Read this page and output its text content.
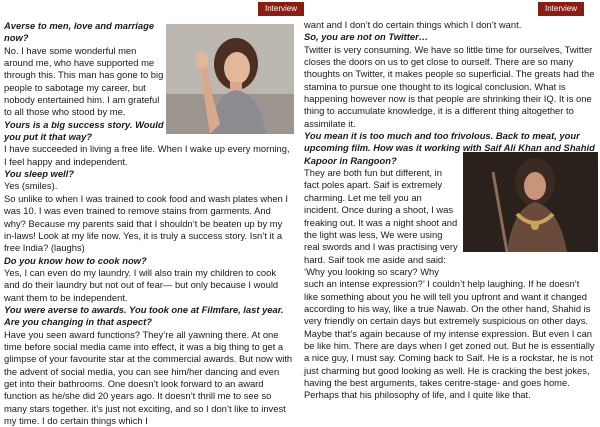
Interview	Interview

Averse to men, love and marriage now?

No. I have some wonderful men around me, who have supported me through this. This man has gone to big people to sabotage my career, but nobody entertained him. I am grateful to all those who stood by me.

Yours is a big success story. Would you put it that way?

I have succeeded in living a free life. When I wake up every morning, I feel happy and independent.

You sleep well?

Yes (smiles).

So unlike to when I was trained to cook food and wash plates when I was 10. I was even trained to remove stains from garments. And why? Because my parents said that I shouldn’t be beaten up by my in-laws! Look at my life now. Yes, it is truly a success story. Isn’t it a free India? (laughs)

Do you know how to cook now?

Yes, I can even do my laundry. I will also train my children to cook and do their laundry but not out of fear— but only because I would want them to be independent.

You were averse to awards. You took one at Filmfare, last year. Are you changing in that aspect?

Have you seen award functions? They’re all yawning there. At one time before social media came into effect, it was a big thing to get a glimpse of your favourite star at the commercial awards. But now with the advent of social media, you can see him/her dancing and even get into their bathrooms. One doesn’t look forward to an award function as he/she did 20 years ago. It doesn’t thrill me to see so many stars together. it’s just not exciting, and so I don’t like to invest my time. I do certain things which I

want and I don’t do certain things which I don’t want.

So, you are not on Twitter…

Twitter is very consuming. We have so little time for ourselves, Twitter closes the doors on us to get close to ourself. There are so many thoughts on Twitter, it makes people so superficial. The greats had the stamina to pursue one thought to its logical conclusion. What is happening however now is that people are shrinking their IQ. It is one thing to accumulate knowledge, it is a different thing altogether to assimilate it.

You mean it is too much and too frivolous. Back to meat, your upcoming film. How was it working with Saif Ali Khan and Shahid Kapoor in Rangoon?

They are both fun but different, in fact poles apart. Saif is extremely charming. Let me tell you an incident. Once during a shoot, I was freaking out. It was a night shoot and the light was less, We were using real swords and I was practising very hard. Saif took me aside and said: ‘Why you looking so scary? Why such an intense expression?’ I couldn’t help laughing. If he doesn’t like something about you he will tell you upfront and want it changed according to his way, like a true Nawab. On the other hand, Shahid is very friendly on certain days but extremely suspicious on other days. Maybe that’s again because of my intense expression. But even I can be like him. There are days when I get zoned out. But he is essentially a nice guy, I must say. Coming back to Saif. He is a rockstar, he is not just charming but good looking as well. He is cracking the best jokes, having the best arguments, takes centre-stage- and goes home. Perhaps that his philosophy of life, and I quite like that.
